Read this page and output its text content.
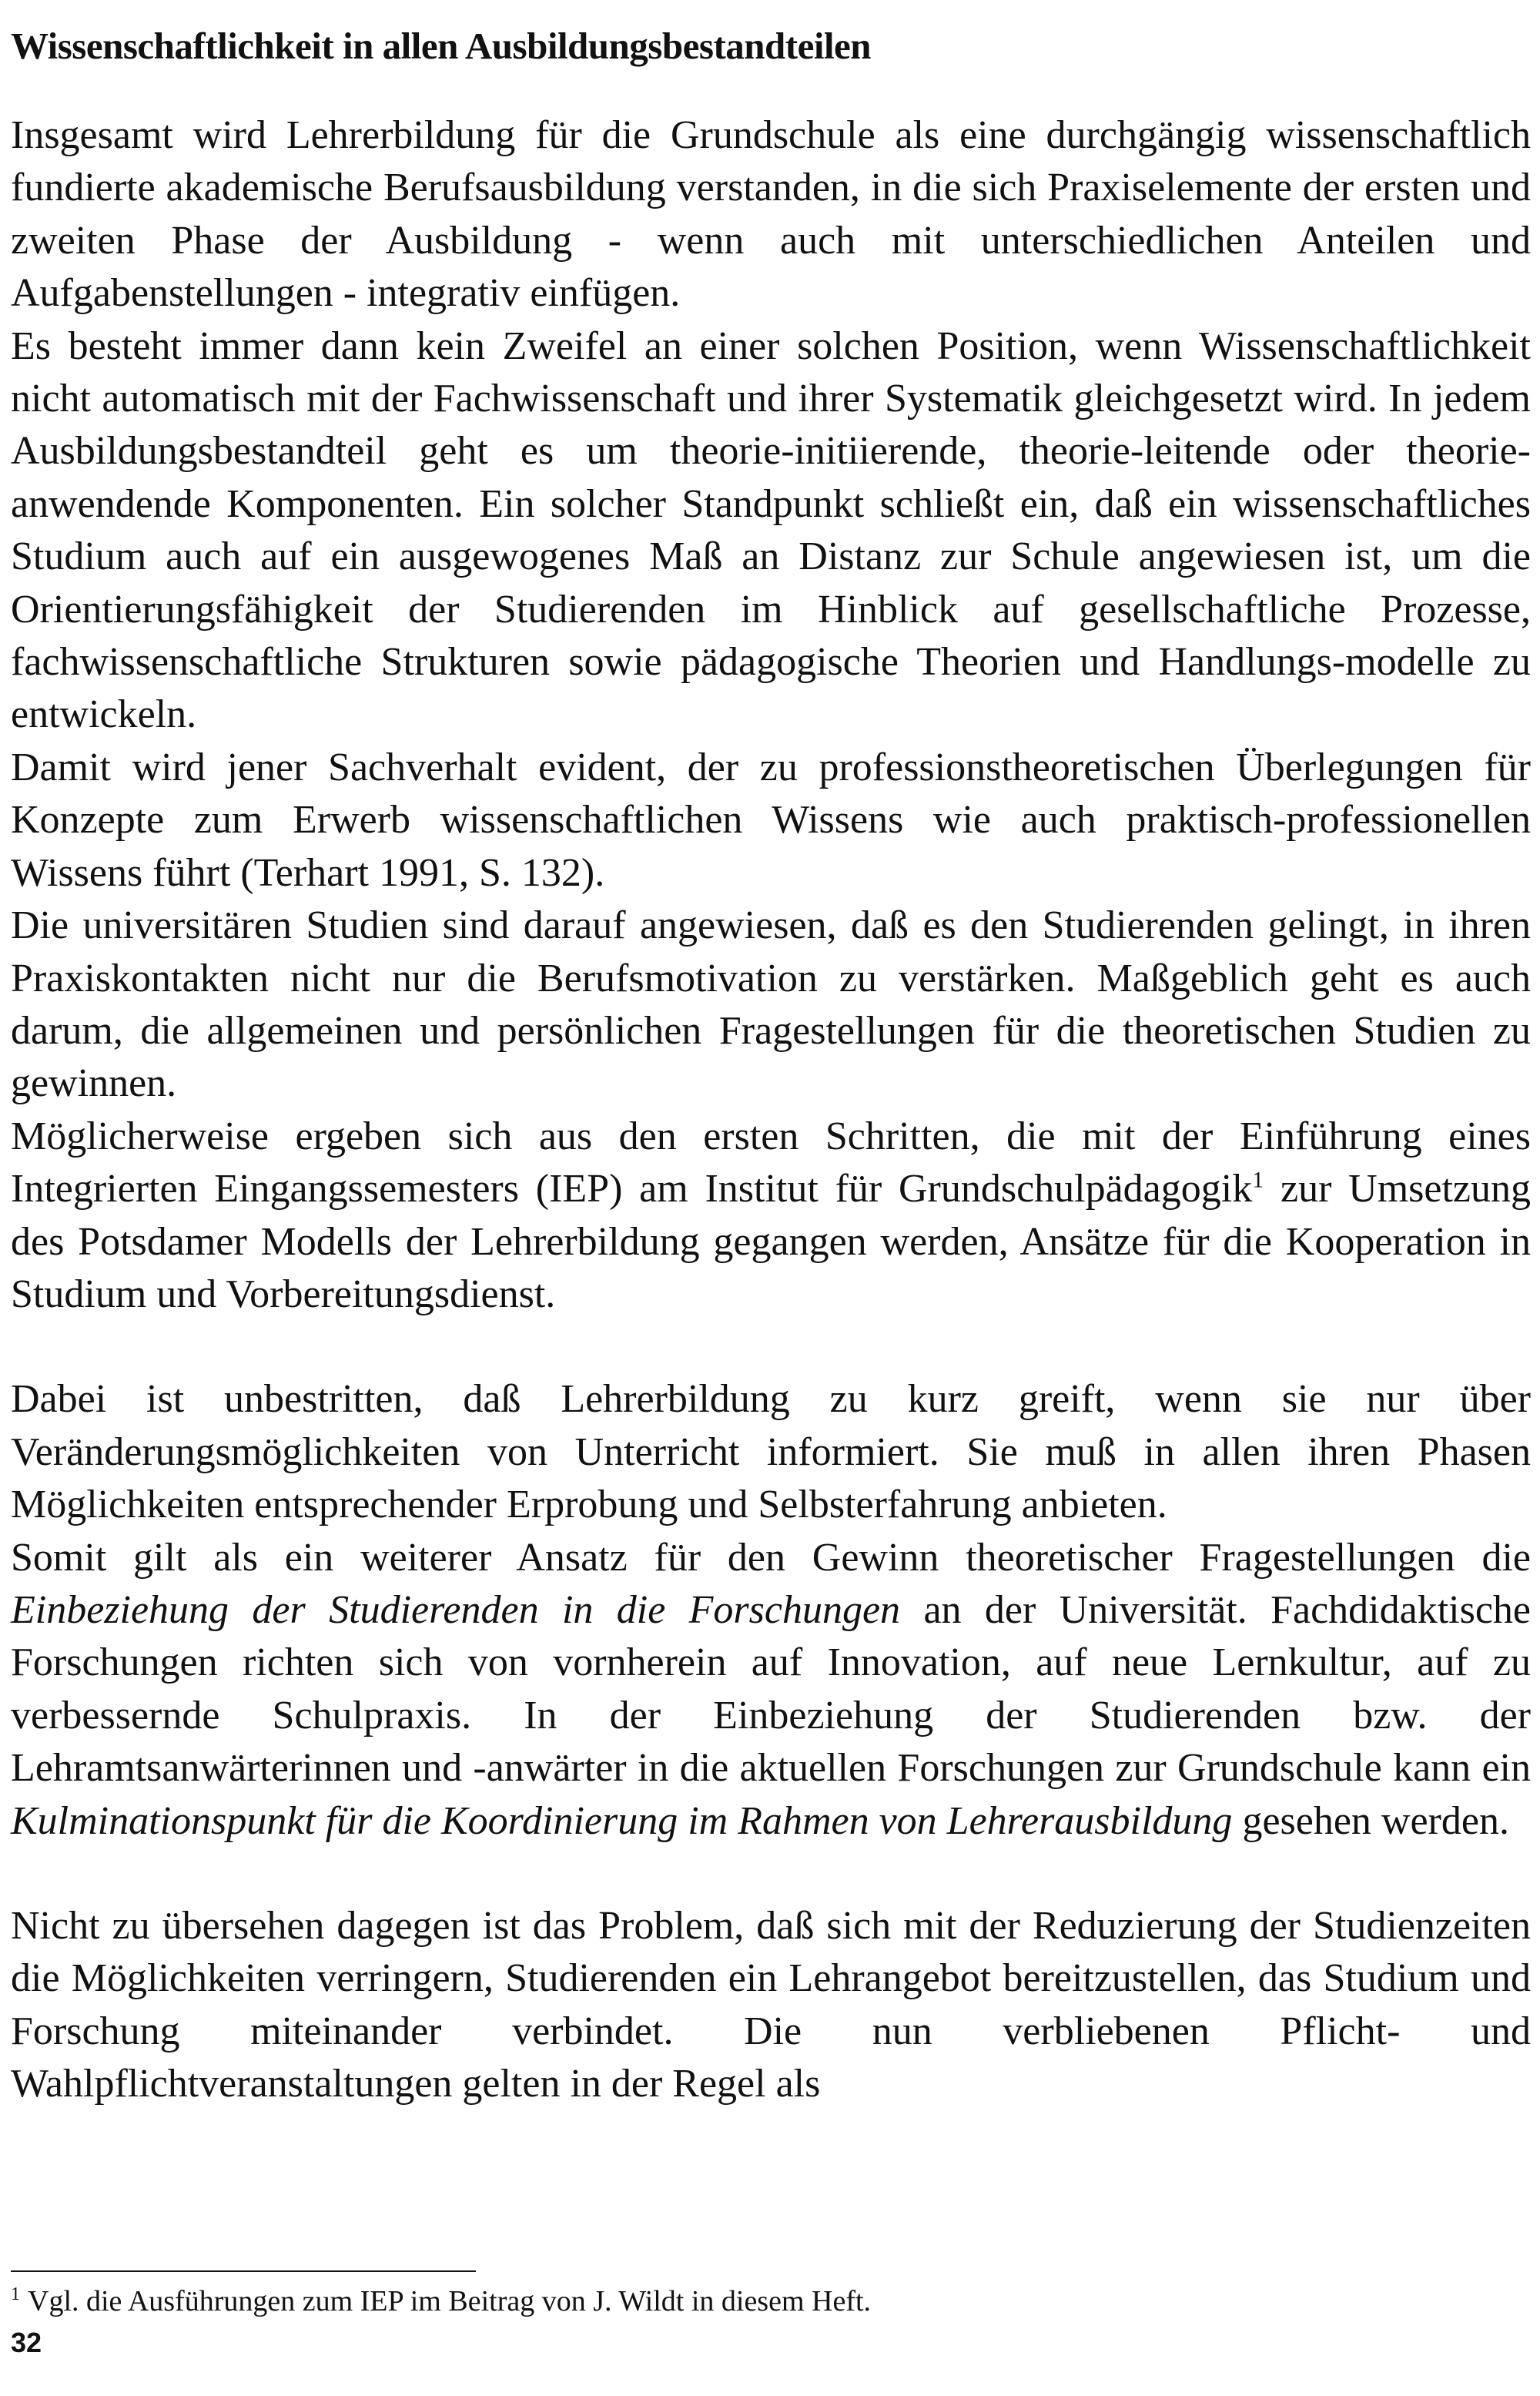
Wissenschaftlichkeit in allen Ausbildungsbestandteilen

Insgesamt wird Lehrerbildung für die Grundschule als eine durchgängig wissenschaftlich fundierte akademische Berufsausbildung verstanden, in die sich Praxiselemente der ersten und zweiten Phase der Ausbildung - wenn auch mit unterschiedlichen Anteilen und Aufgabenstellungen - integrativ einfügen.

Es besteht immer dann kein Zweifel an einer solchen Position, wenn Wissenschaftlichkeit nicht automatisch mit der Fachwissenschaft und ihrer Systematik gleichgesetzt wird. In jedem Ausbildungsbestandteil geht es um theorie-initiierende, theorie-leitende oder theorie-anwendende Komponenten. Ein solcher Standpunkt schließt ein, daß ein wissenschaftliches Studium auch auf ein ausgewogenes Maß an Distanz zur Schule angewiesen ist, um die Orientierungsfähigkeit der Studierenden im Hinblick auf gesellschaftliche Prozesse, fachwissenschaftliche Strukturen sowie pädagogische Theorien und Handlungs-modelle zu entwickeln.

Damit wird jener Sachverhalt evident, der zu professionstheoretischen Überlegungen für Konzepte zum Erwerb wissenschaftlichen Wissens wie auch praktisch-professionellen Wissens führt (Terhart 1991, S. 132).

Die universitären Studien sind darauf angewiesen, daß es den Studierenden gelingt, in ihren Praxiskontakten nicht nur die Berufsmotivation zu verstärken. Maßgeblich geht es auch darum, die allgemeinen und persönlichen Fragestellungen für die theoretischen Studien zu gewinnen.

Möglicherweise ergeben sich aus den ersten Schritten, die mit der Einführung eines Integrierten Eingangssemesters (IEP) am Institut für Grundschulpädagogik$^1$ zur Umsetzung des Potsdamer Modells der Lehrerbildung gegangen werden, Ansätze für die Kooperation in Studium und Vorbereitungsdienst.

Dabei ist unbestritten, daß Lehrerbildung zu kurz greift, wenn sie nur über Veränderungsmöglichkeiten von Unterricht informiert. Sie muß in allen ihren Phasen Möglichkeiten entsprechender Erprobung und Selbsterfahrung anbieten.

Somit gilt als ein weiterer Ansatz für den Gewinn theoretischer Fragestellungen die Einbeziehung der Studierenden in die Forschungen an der Universität. Fachdidaktische Forschungen richten sich von vornherein auf Innovation, auf neue Lernkultur, auf zu verbessernde Schulpraxis. In der Einbeziehung der Studierenden bzw. der Lehramtsanwärterinnen und -anwärter in die aktuellen Forschungen zur Grundschule kann ein Kulminationspunkt für die Koordinierung im Rahmen von Lehrerausbildung gesehen werden.

Nicht zu übersehen dagegen ist das Problem, daß sich mit der Reduzierung der Studienzeiten die Möglichkeiten verringern, Studierenden ein Lehrangebot bereitzustellen, das Studium und Forschung miteinander verbindet. Die nun verbliebenen Pflicht- und Wahlpflichtveranstaltungen gelten in der Regel als

$^1$ Vgl. die Ausführungen zum IEP im Beitrag von J. Wildt in diesem Heft.
32
